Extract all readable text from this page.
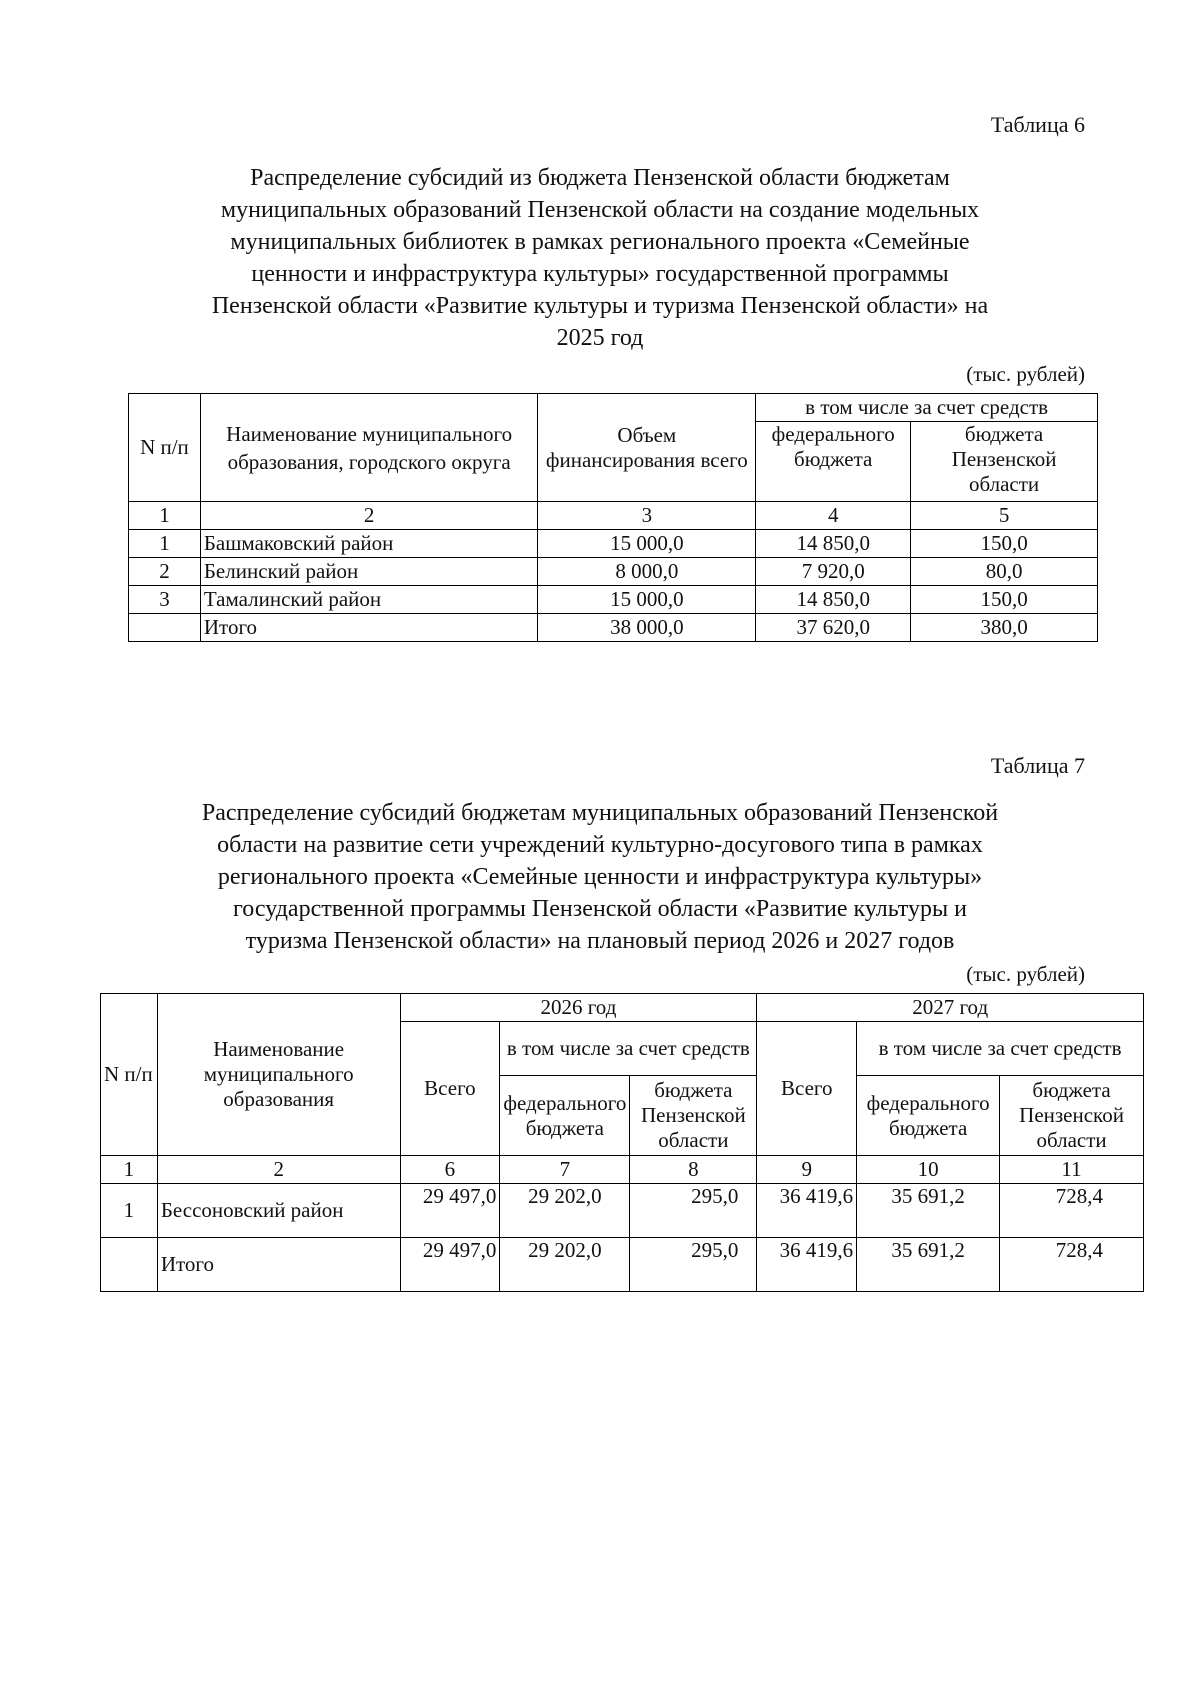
Таблица 6
Распределение субсидий из бюджета Пензенской области бюджетам
муниципальных образований Пензенской области на создание модельных
муниципальных библиотек в рамках регионального проекта «Семейные
ценности и инфраструктура культуры» государственной программы
Пензенской области «Развитие культуры и туризма Пензенской области» на
2025 год
(тыс. рублей)
N п/п	Наименование муниципального образования, городского округа	Объем финансирования всего	в том числе за счет средств	
			федерального бюджета	бюджета Пензенской области
1	2	3	4	5
1	Башмаковский район	15 000,0	14 850,0	150,0
2	Белинский район	8 000,0	7 920,0	80,0
3	Тамалинский район	15 000,0	14 850,0	150,0
	Итого	38 000,0	37 620,0	380,0
Таблица 7
Распределение субсидий бюджетам муниципальных образований Пензенской
области на развитие сети учреждений культурно-досугового типа в рамках
регионального проекта «Семейные ценности и инфраструктура культуры»
государственной программы Пензенской области «Развитие культуры и
туризма Пензенской области» на плановый период 2026 и 2027 годов
(тыс. рублей)
N п/п	Наименование муниципального образования	2026 год			2027 год		
		Всего	в том числе за счет средств		Всего	в том числе за счет средств	
			федерального бюджета	бюджета Пензенской области		федерального бюджета	бюджета Пензенской области
1	2	6	7	8	9	10	11
1	Бессоновский район	29 497,0	29 202,0	295,0	36 419,6	35 691,2	728,4
	Итого	29 497,0	29 202,0	295,0	36 419,6	35 691,2	728,4
